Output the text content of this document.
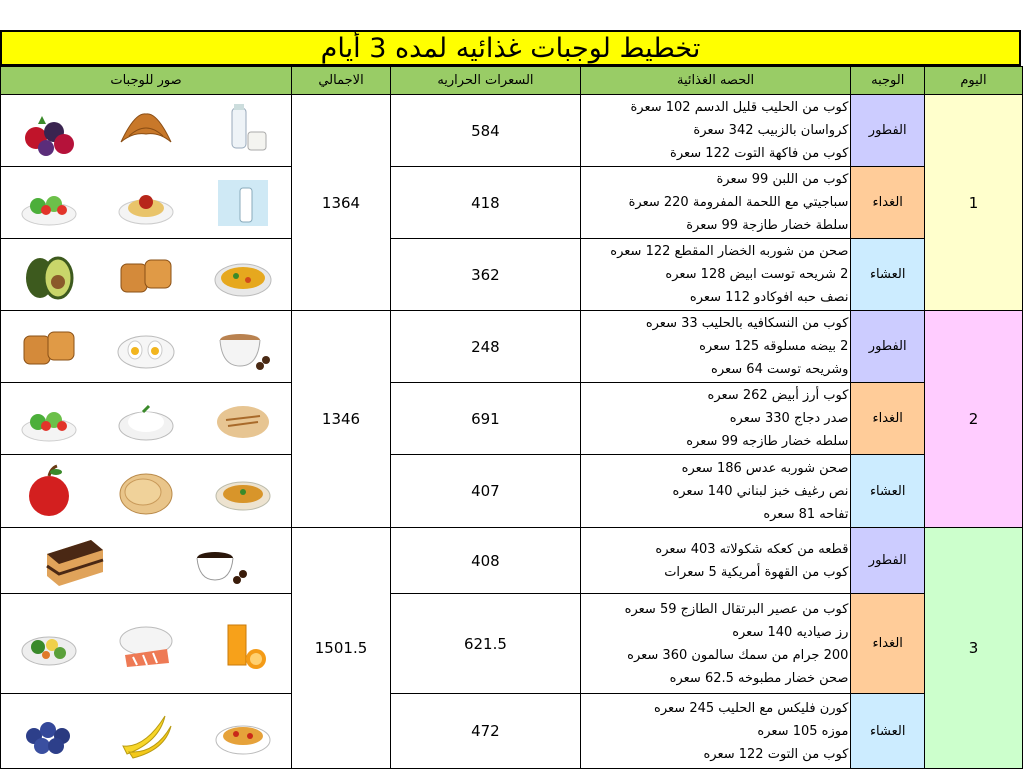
تخطيط لوجبات غذائيه لمده 3 أيام
اليوم	الوجبه	الحصه الغذائية	السعرات الحراريه	الاجمالي	صور للوجبات
1	الفطور	كوب من الحليب قليل الدسم 102 سعرة
كرواسان بالزبيب 342 سعرة
كوب من فاكهة التوت 122 سعرة	584	1364	

	الغداء	كوب من اللبن 99 سعرة
سباجيتي مع اللحمة المفرومة 220 سعرة
سلطة خضار طازجة 99 سعرة	418	

	العشاء	صحن من شوربه الخضار المقطع 122 سعره
2 شريحه توست ابيض 128 سعره
نصف حبه افوكادو 112 سعره	362	

2	الفطور	كوب من النسكافيه بالحليب 33 سعره
2 بيضه مسلوقه 125 سعره
وشريحه توست 64 سعره	248	1346	

	الغداء	كوب أرز أبيض 262 سعره
صدر دجاج 330 سعره
سلطه خضار طازجه 99 سعره	691	

	العشاء	صحن شوربه عدس 186 سعره
نص رغيف خبز لبناني 140 سعره
تفاحه 81 سعره	407	

3	الفطور	قطعه من كعكه شكولاته 403 سعره
كوب من القهوة أمريكية 5 سعرات	408	1501.5	

	الغداء	كوب من عصير البرتقال الطازج 59 سعره
رز صياديه 140 سعره
200 جرام من سمك سالمون 360 سعره
صحن خضار مطبوخه 62.5 سعره	621.5	

	العشاء	كورن فليكس مع الحليب 245 سعره
موزه 105 سعره
كوب من التوت 122 سعره	472	
